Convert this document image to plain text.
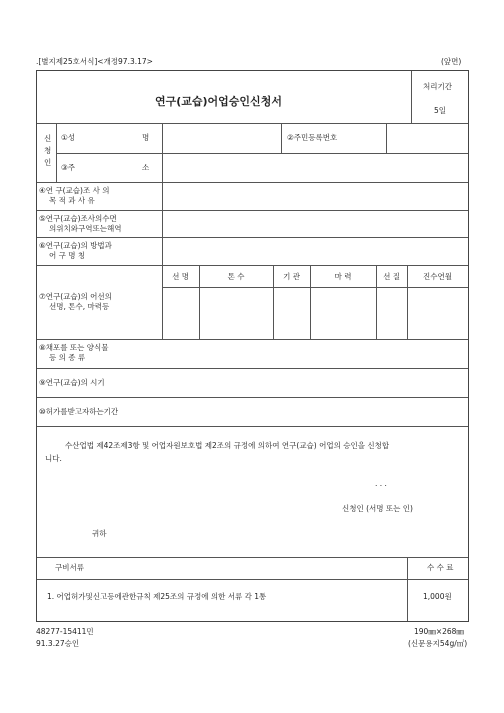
.[별지제25호서식]<개정97.3.17>	(앞면)
연구(교습)어업승인신청서
처리기간
5일
신
청
인
①성	명	②주민등록번호
③주	소
④연 구(교습)조 사 의
목 적 과 사 유
⑤연구(교습)조사의수면
의위치와구역또는해역
⑥연구(교습)의 방법과
어 구 명 칭
⑦연구(교습)의 어선의
선명, 톤수, 마력등
선 명	톤 수	기 관	마 력	선 질	진수연월
⑧채포를 또는 양식물
등 의 종 류
⑨연구(교습)의 시기
⑩허가를받고자하는기간
수산업법 제42조제3항 및 어업자원보호법 제2조의 규정에 의하여 연구(교습) 어업의 승인을 신청합
니다.
. . .
신청인 (서명 또는 인)
귀하
구비서류	수 수 료
1. 어업허가및신고등에관한규칙 제25조의 규정에 의한 서류 각 1통	1,000원
48277-15411민
91.3.27승인
190㎜×268㎜
(신문용지54g/㎡)
